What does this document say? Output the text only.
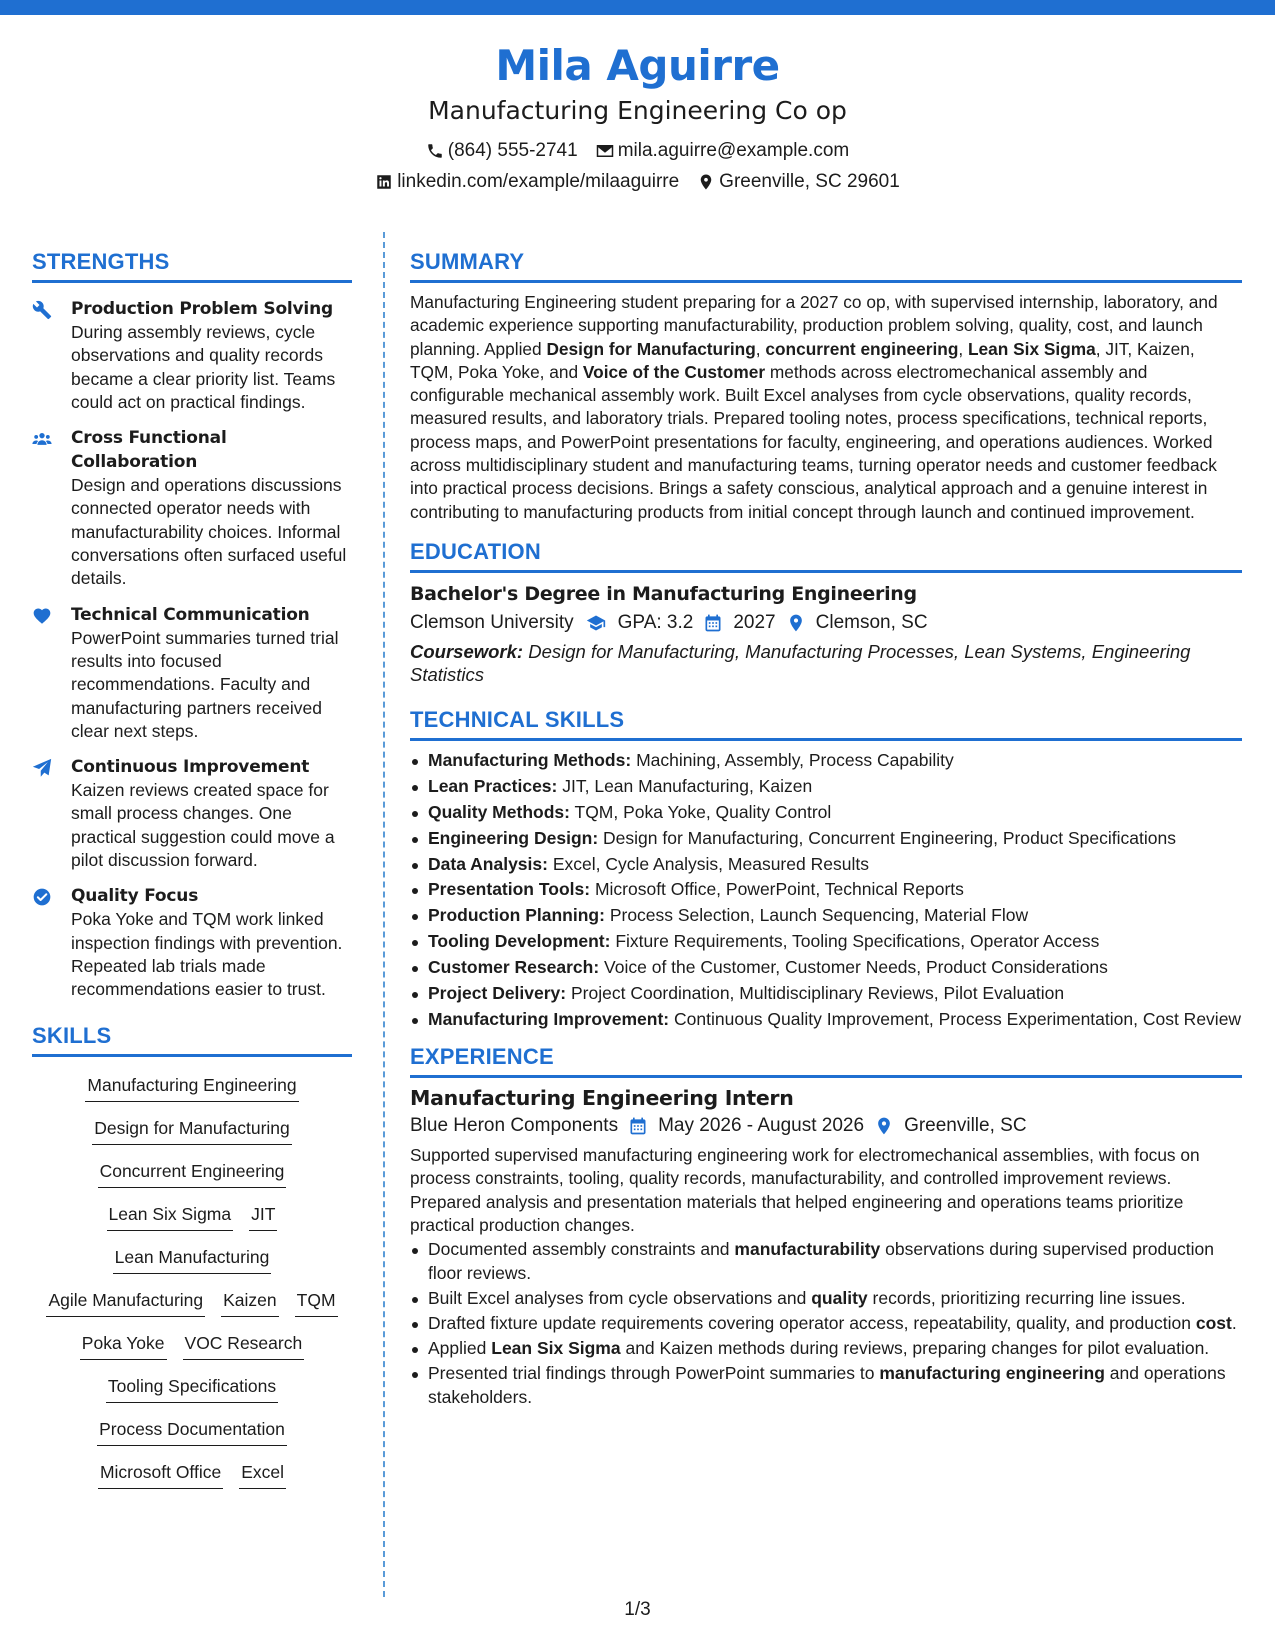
Mila Aguirre
Manufacturing Engineering Co op
(864) 555-2741 mila.aguirre@example.com
linkedin.com/example/milaaguirre Greenville, SC 29601
STRENGTHS
Production Problem Solving
During assembly reviews, cycle observations and quality records became a clear priority list. Teams could act on practical findings.
Cross Functional Collaboration
Design and operations discussions connected operator needs with manufacturability choices. Informal conversations often surfaced useful details.
Technical Communication
PowerPoint summaries turned trial results into focused recommendations. Faculty and manufacturing partners received clear next steps.
Continuous Improvement
Kaizen reviews created space for small process changes. One practical suggestion could move a pilot discussion forward.
Quality Focus
Poka Yoke and TQM work linked inspection findings with prevention. Repeated lab trials made recommendations easier to trust.
SKILLS
Manufacturing Engineering
Design for Manufacturing
Concurrent Engineering
Lean Six Sigma JIT
Lean Manufacturing
Agile Manufacturing Kaizen TQM
Poka Yoke VOC Research
Tooling Specifications
Process Documentation
Microsoft Office Excel
SUMMARY
Manufacturing Engineering student preparing for a 2027 co op, with supervised internship, laboratory, and academic experience supporting manufacturability, production problem solving, quality, cost, and launch planning. Applied Design for Manufacturing, concurrent engineering, Lean Six Sigma, JIT, Kaizen, TQM, Poka Yoke, and Voice of the Customer methods across electromechanical assembly and configurable mechanical assembly work. Built Excel analyses from cycle observations, quality records, measured results, and laboratory trials. Prepared tooling notes, process specifications, technical reports, process maps, and PowerPoint presentations for faculty, engineering, and operations audiences. Worked across multidisciplinary student and manufacturing teams, turning operator needs and customer feedback into practical process decisions. Brings a safety conscious, analytical approach and a genuine interest in contributing to manufacturing products from initial concept through launch and continued improvement.
EDUCATION
Bachelor's Degree in Manufacturing Engineering
Clemson University GPA: 3.2 2027 Clemson, SC
Coursework: Design for Manufacturing, Manufacturing Processes, Lean Systems, Engineering Statistics
TECHNICAL SKILLS
Manufacturing Methods: Machining, Assembly, Process Capability
Lean Practices: JIT, Lean Manufacturing, Kaizen
Quality Methods: TQM, Poka Yoke, Quality Control
Engineering Design: Design for Manufacturing, Concurrent Engineering, Product Specifications
Data Analysis: Excel, Cycle Analysis, Measured Results
Presentation Tools: Microsoft Office, PowerPoint, Technical Reports
Production Planning: Process Selection, Launch Sequencing, Material Flow
Tooling Development: Fixture Requirements, Tooling Specifications, Operator Access
Customer Research: Voice of the Customer, Customer Needs, Product Considerations
Project Delivery: Project Coordination, Multidisciplinary Reviews, Pilot Evaluation
Manufacturing Improvement: Continuous Quality Improvement, Process Experimentation, Cost Review
EXPERIENCE
Manufacturing Engineering Intern
Blue Heron Components May 2026 - August 2026 Greenville, SC
Supported supervised manufacturing engineering work for electromechanical assemblies, with focus on process constraints, tooling, quality records, manufacturability, and controlled improvement reviews. Prepared analysis and presentation materials that helped engineering and operations teams prioritize practical production changes.
Documented assembly constraints and manufacturability observations during supervised production floor reviews.
Built Excel analyses from cycle observations and quality records, prioritizing recurring line issues.
Drafted fixture update requirements covering operator access, repeatability, quality, and production cost.
Applied Lean Six Sigma and Kaizen methods during reviews, preparing changes for pilot evaluation.
Presented trial findings through PowerPoint summaries to manufacturing engineering and operations stakeholders.
1/3
